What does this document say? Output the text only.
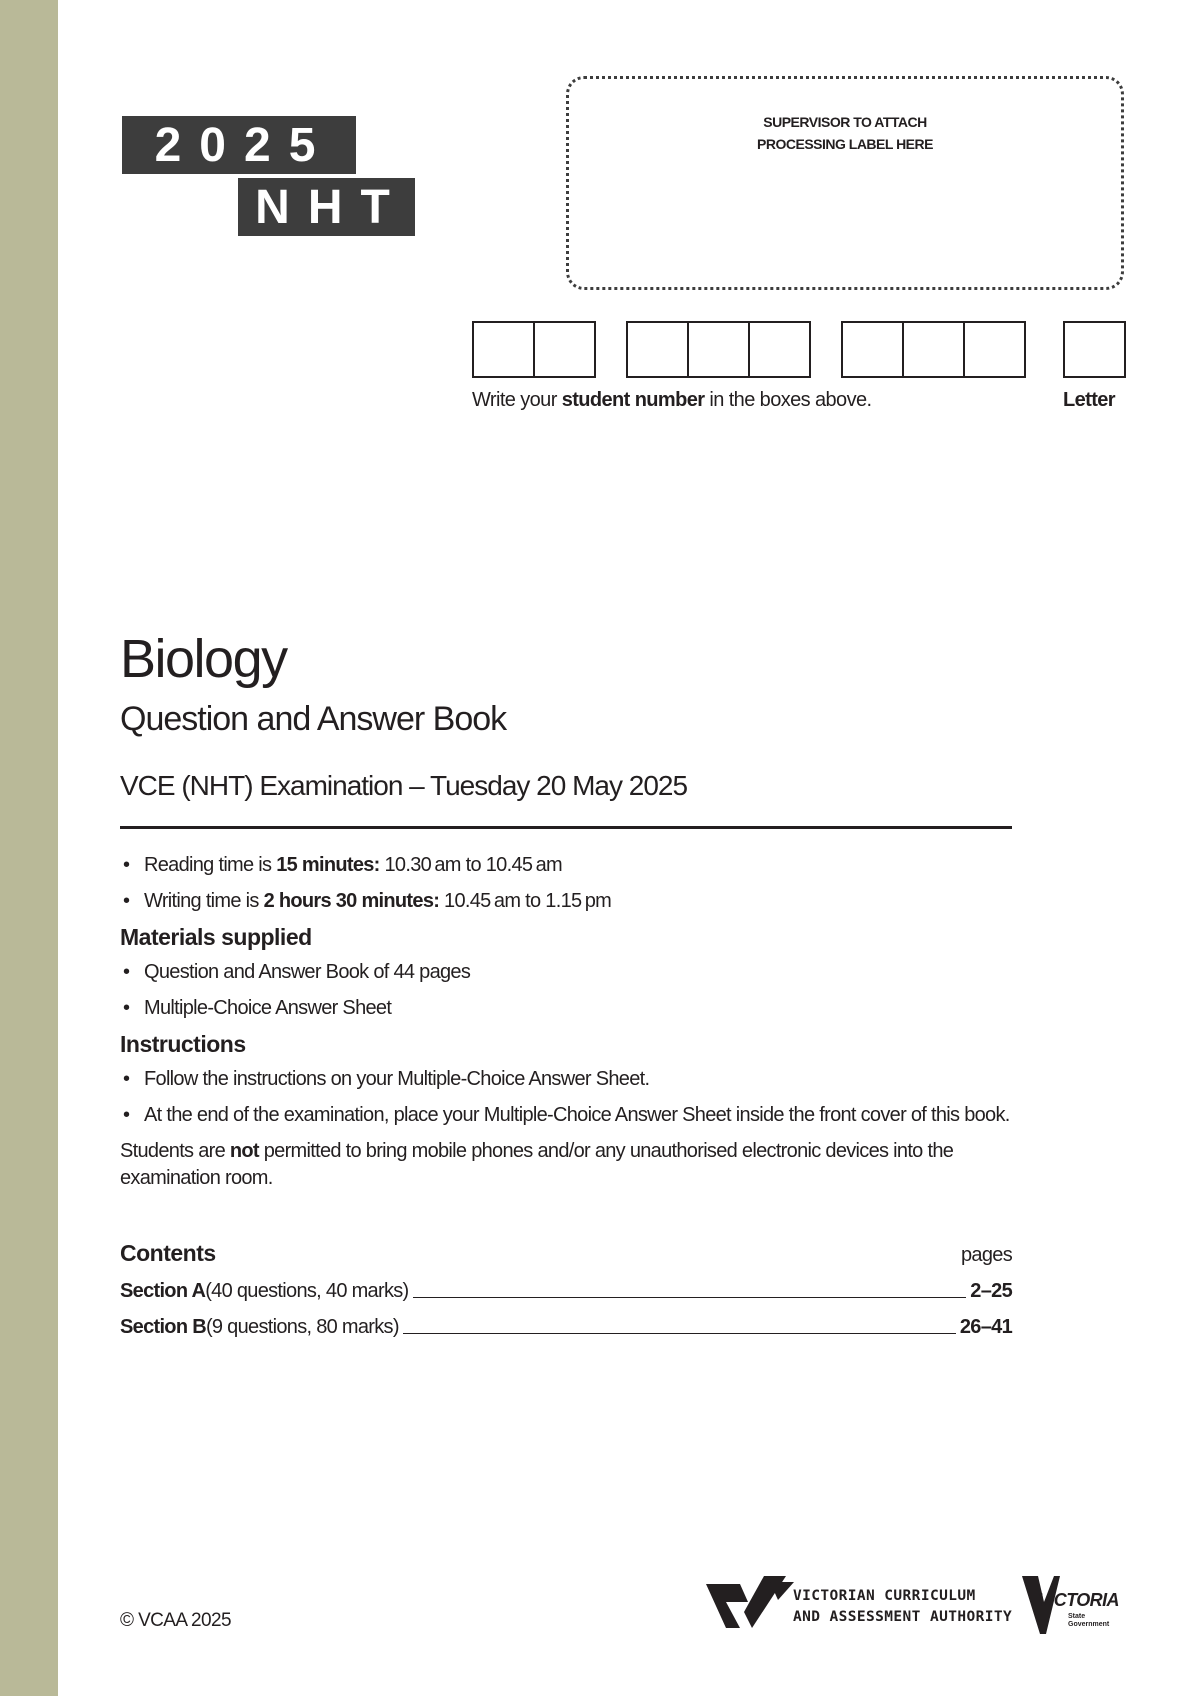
2025
NHT
SUPERVISOR TO ATTACH
PROCESSING LABEL HERE
Write your student number in the boxes above.	Letter
Biology
Question and Answer Book
VCE (NHT) Examination – Tuesday 20 May 2025
• Reading time is 15 minutes: 10.30 am to 10.45 am
• Writing time is 2 hours 30 minutes: 10.45 am to 1.15 pm
Materials supplied
• Question and Answer Book of 44 pages
• Multiple-Choice Answer Sheet
Instructions
• Follow the instructions on your Multiple-Choice Answer Sheet.
• At the end of the examination, place your Multiple-Choice Answer Sheet inside the front cover of this book.
Students are not permitted to bring mobile phones and/or any unauthorised electronic devices into the examination room.
Contents	pages
Section A (40 questions, 40 marks)	2–25
Section B (9 questions, 80 marks)	26–41
© VCAA 2025
VICTORIAN CURRICULUM
AND ASSESSMENT AUTHORITY
VICTORIA
State
Government
